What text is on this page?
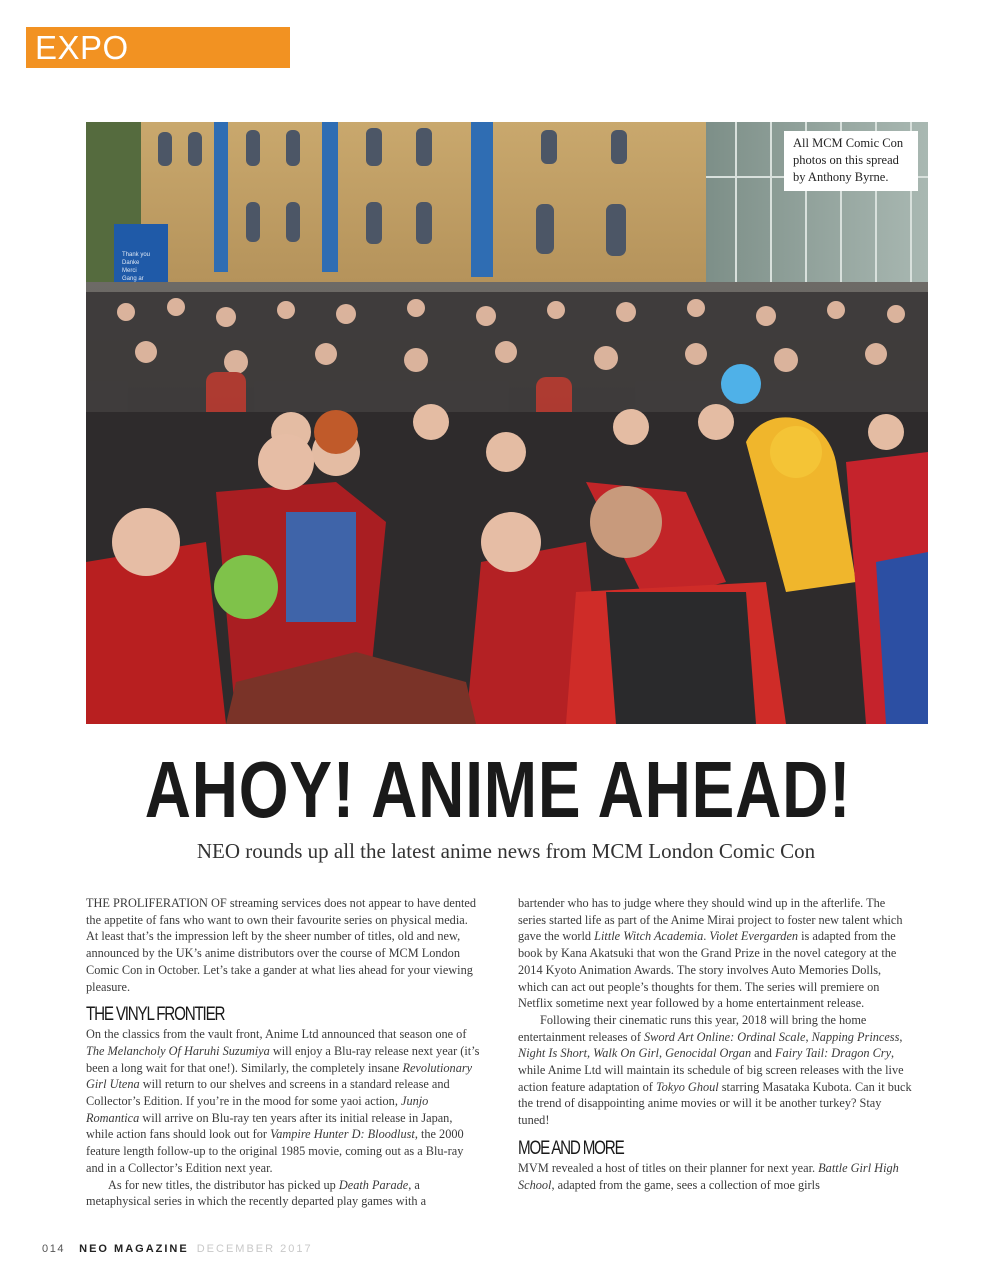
EXPO SPECIAL!
Thank you
Danke
Merci
Gang ar
All MCM Comic Con photos on this spread by Anthony Byrne.
AHOY! ANIME AHEAD!
NEO rounds up all the latest anime news from MCM London Comic Con

THE PROLIFERATION OF streaming services does not appear to have dented the appetite of fans who want to own their favourite series on physical media. At least that’s the impression left by the sheer number of titles, old and new, announced by the UK’s anime distributors over the course of MCM London Comic Con in October. Let’s take a gander at what lies ahead for your viewing pleasure.

THE VINYL FRONTIER

On the classics from the vault front, Anime Ltd announced that season one of The Melancholy Of Haruhi Suzumiya will enjoy a Blu-ray release next year (it’s been a long wait for that one!). Similarly, the completely insane Revolutionary Girl Utena will return to our shelves and screens in a standard release and Collector’s Edition. If you’re in the mood for some yaoi action, Junjo Romantica will arrive on Blu-ray ten years after its initial release in Japan, while action fans should look out for Vampire Hunter D: Bloodlust, the 2000 feature length follow-up to the original 1985 movie, coming out as a Blu-ray and in a Collector’s Edition next year.

As for new titles, the distributor has picked up Death Parade, a metaphysical series in which the recently departed play games with a

bartender who has to judge where they should wind up in the afterlife. The series started life as part of the Anime Mirai project to foster new talent which gave the world Little Witch Academia. Violet Evergarden is adapted from the book by Kana Akatsuki that won the Grand Prize in the novel category at the 2014 Kyoto Animation Awards. The story involves Auto Memories Dolls, which can act out people’s thoughts for them. The series will premiere on Netflix sometime next year followed by a home entertainment release.

Following their cinematic runs this year, 2018 will bring the home entertainment releases of Sword Art Online: Ordinal Scale, Napping Princess, Night Is Short, Walk On Girl, Genocidal Organ and Fairy Tail: Dragon Cry, while Anime Ltd will maintain its schedule of big screen releases with the live action feature adaptation of Tokyo Ghoul starring Masataka Kubota. Can it buck the trend of disappointing anime movies or will it be another turkey? Stay tuned!

MOE AND MORE

MVM revealed a host of titles on their planner for next year. Battle Girl High School, adapted from the game, sees a collection of moe girls

014 NEO MAGAZINE DECEMBER 2017
